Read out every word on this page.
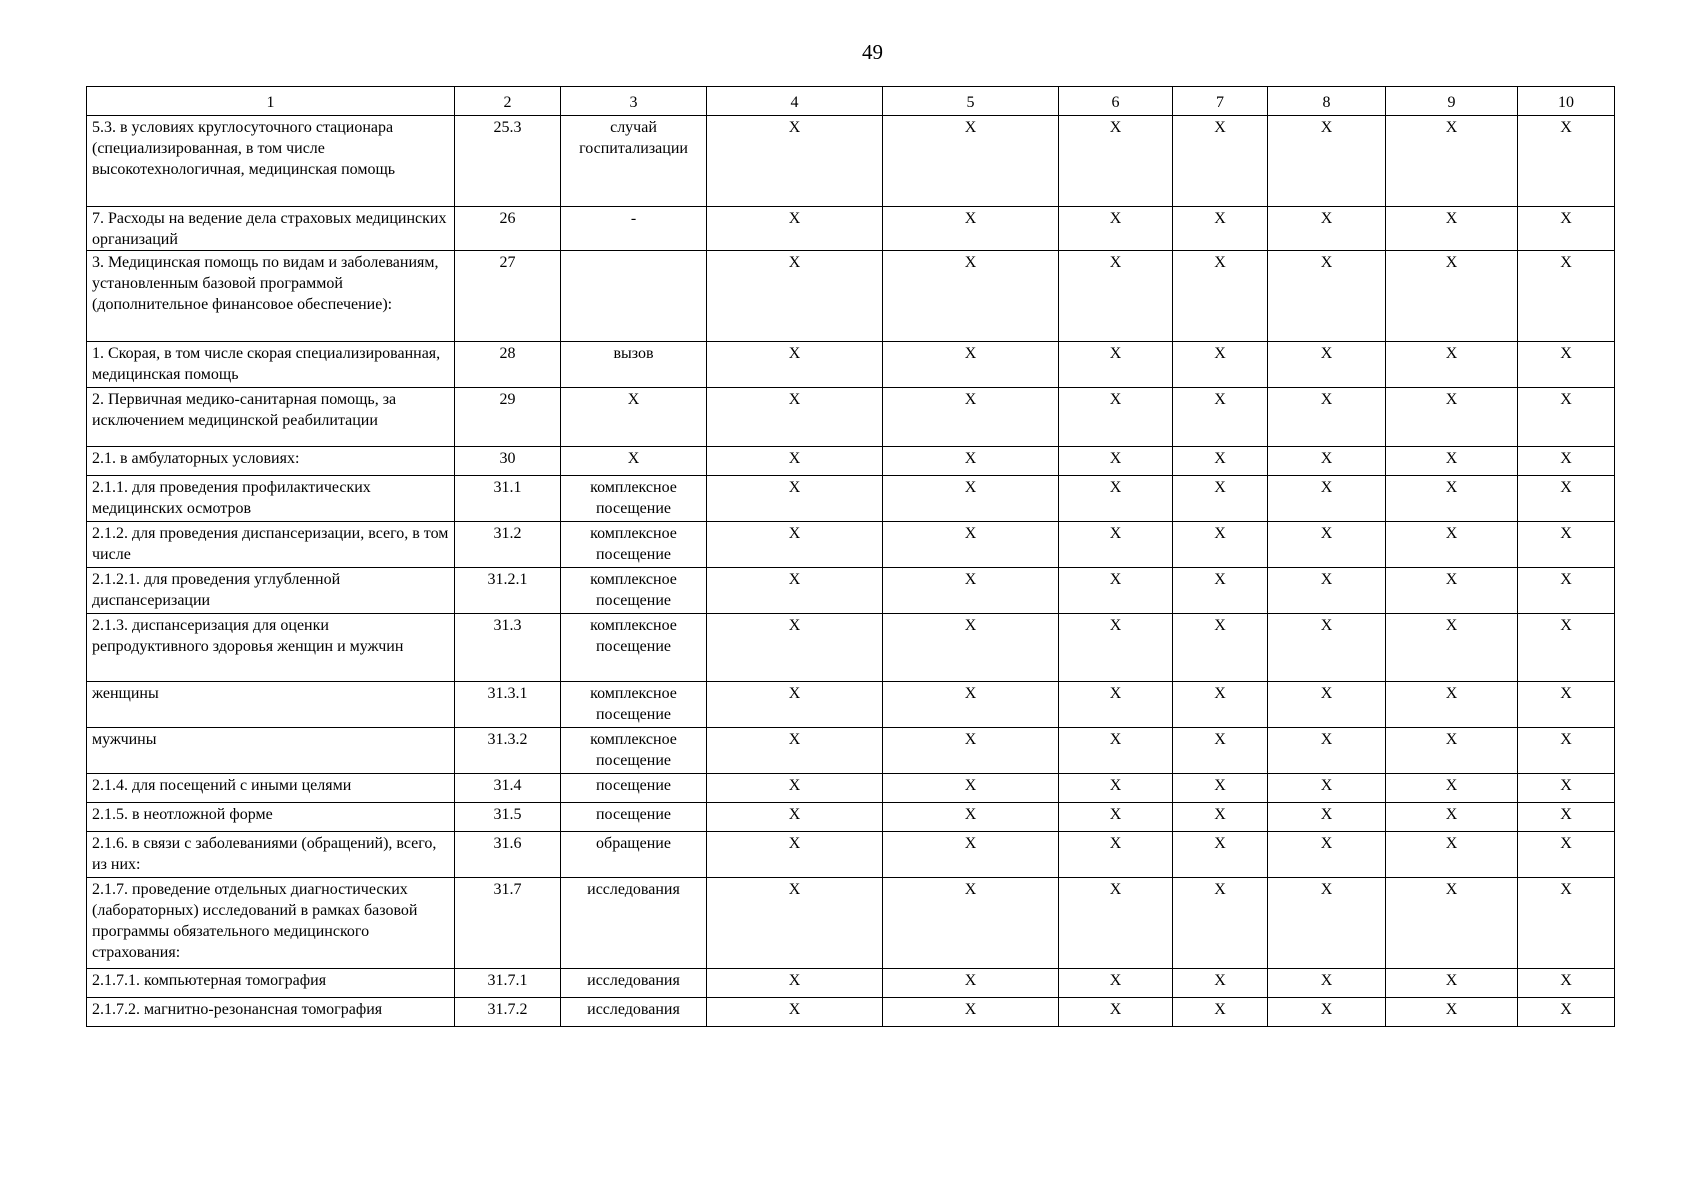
49
1	2	3	4	5	6	7	8	9	10
5.3. в условиях круглосуточного стационара (специализированная, в том числе высокотехнологичная, медицинская помощь	25.3	случай госпитализации	X	X	X	X	X	X	X
7. Расходы на ведение дела страховых медицинских организаций	26	-	X	X	X	X	X	X	X
3. Медицинская помощь по видам и заболеваниям, установленным базовой программой (дополнительное финансовое обеспечение):	27		X	X	X	X	X	X	X
1. Скорая, в том числе скорая специализированная, медицинская помощь	28	вызов	X	X	X	X	X	X	X
2. Первичная медико-санитарная помощь, за исключением медицинской реабилитации	29	X	X	X	X	X	X	X	X
2.1. в амбулаторных условиях:	30	X	X	X	X	X	X	X	X
2.1.1. для проведения профилактических медицинских осмотров	31.1	комплексное посещение	X	X	X	X	X	X	X
2.1.2. для проведения диспансеризации, всего, в том числе	31.2	комплексное посещение	X	X	X	X	X	X	X
2.1.2.1. для проведения углубленной диспансеризации	31.2.1	комплексное посещение	X	X	X	X	X	X	X
2.1.3. диспансеризация для оценки репродуктивного здоровья женщин и мужчин	31.3	комплексное посещение	X	X	X	X	X	X	X
женщины	31.3.1	комплексное посещение	X	X	X	X	X	X	X
мужчины	31.3.2	комплексное посещение	X	X	X	X	X	X	X
2.1.4. для посещений с иными целями	31.4	посещение	X	X	X	X	X	X	X
2.1.5. в неотложной форме	31.5	посещение	X	X	X	X	X	X	X
2.1.6. в связи с заболеваниями (обращений), всего, из них:	31.6	обращение	X	X	X	X	X	X	X
2.1.7. проведение отдельных диагностических (лабораторных) исследований в рамках базовой программы обязательного медицинского страхования:	31.7	исследования	X	X	X	X	X	X	X
2.1.7.1. компьютерная томография	31.7.1	исследования	X	X	X	X	X	X	X
2.1.7.2. магнитно-резонансная томография	31.7.2	исследования	X	X	X	X	X	X	X
